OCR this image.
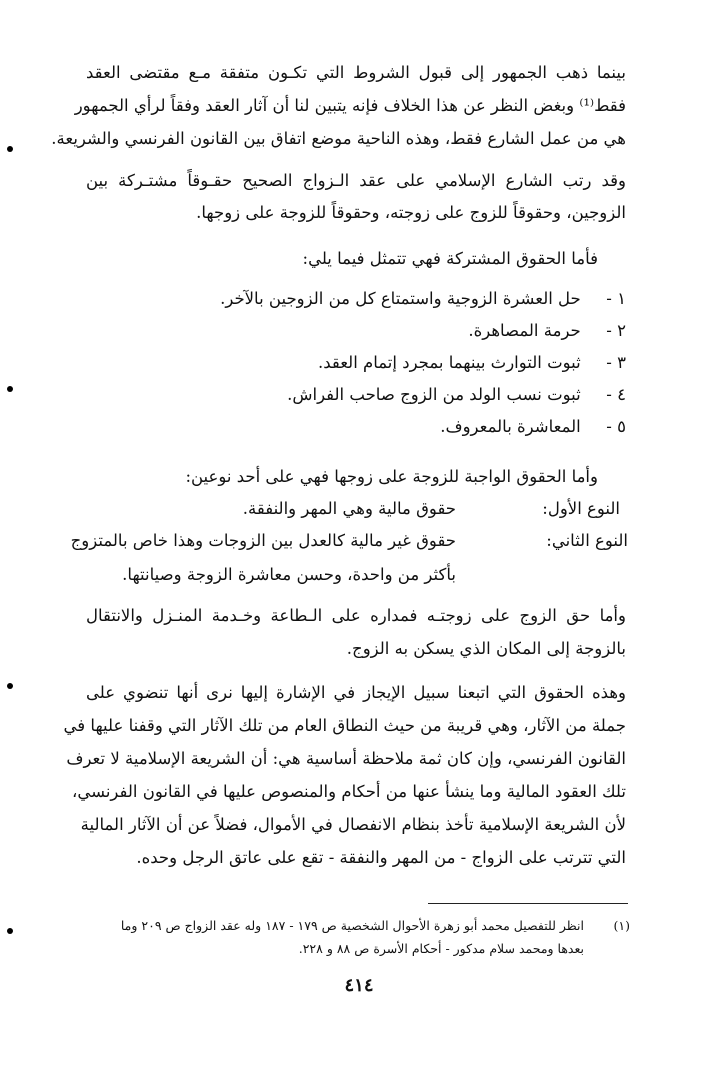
بينما ذهب الجمهور إلى قبول الشروط التي تكـون متفقة مـع مقتضى العقد

فقط⁽¹⁾ وبغض النظر عن هذا الخلاف فإنه يتبين لنا أن آثار العقد وفقاً لرأي الجمهور

هي من عمل الشارع فقط، وهذه الناحية موضع اتفاق بين القانون الفرنسي والشريعة.

وقد رتب الشارع الإسلامي على عقد الـزواج الصحيح حقـوقاً مشتـركة بين

الزوجين، وحقوقاً للزوج على زوجته، وحقوقاً للزوجة على زوجها.

فأما الحقوق المشتركة فهي تتمثل فيما يلي:

١ - حل العشرة الزوجية واستمتاع كل من الزوجين بالآخر.
٢ - حرمة المصاهرة.
٣ - ثبوت التوارث بينهما بمجرد إتمام العقد.
٤ - ثبوت نسب الولد من الزوج صاحب الفراش.
٥ - المعاشرة بالمعروف.

وأما الحقوق الواجبة للزوجة على زوجها فهي على أحد نوعين:

النوع الأول:
حقوق مالية وهي المهر والنفقة.
النوع الثاني:
حقوق غير مالية كالعدل بين الزوجات وهذا خاص بالمتزوج
بأكثر من واحدة، وحسن معاشرة الزوجة وصيانتها.

وأما حق الزوج على زوجتـه فمداره على الـطاعة وخـدمة المنـزل والانتقال

بالزوجة إلى المكان الذي يسكن به الزوج.

وهذه الحقوق التي اتبعنا سبيل الإيجاز في الإشارة إليها نرى أنها تنضوي على

جملة من الآثار، وهي قريبة من حيث النطاق العام من تلك الآثار التي وقفنا عليها في

القانون الفرنسي، وإن كان ثمة ملاحظة أساسية هي: أن الشريعة الإسلامية لا تعرف

تلك العقود المالية وما ينشأ عنها من أحكام والمنصوص عليها في القانون الفرنسي،

لأن الشريعة الإسلامية تأخذ بنظام الانفصال في الأموال، فضلاً عن أن الآثار المالية

التي تترتب على الزواج - من المهر والنفقة - تقع على عاتق الرجل وحده.

(١)
انظر للتفصيل محمد أبو زهرة الأحوال الشخصية ص ١٧٩ - ١٨٧ وله عقد الزواج ص ٢٠٩ وما
بعدها ومحمد سلام مدكور - أحكام الأسرة ص ٨٨ و ٢٢٨.
٤١٤
